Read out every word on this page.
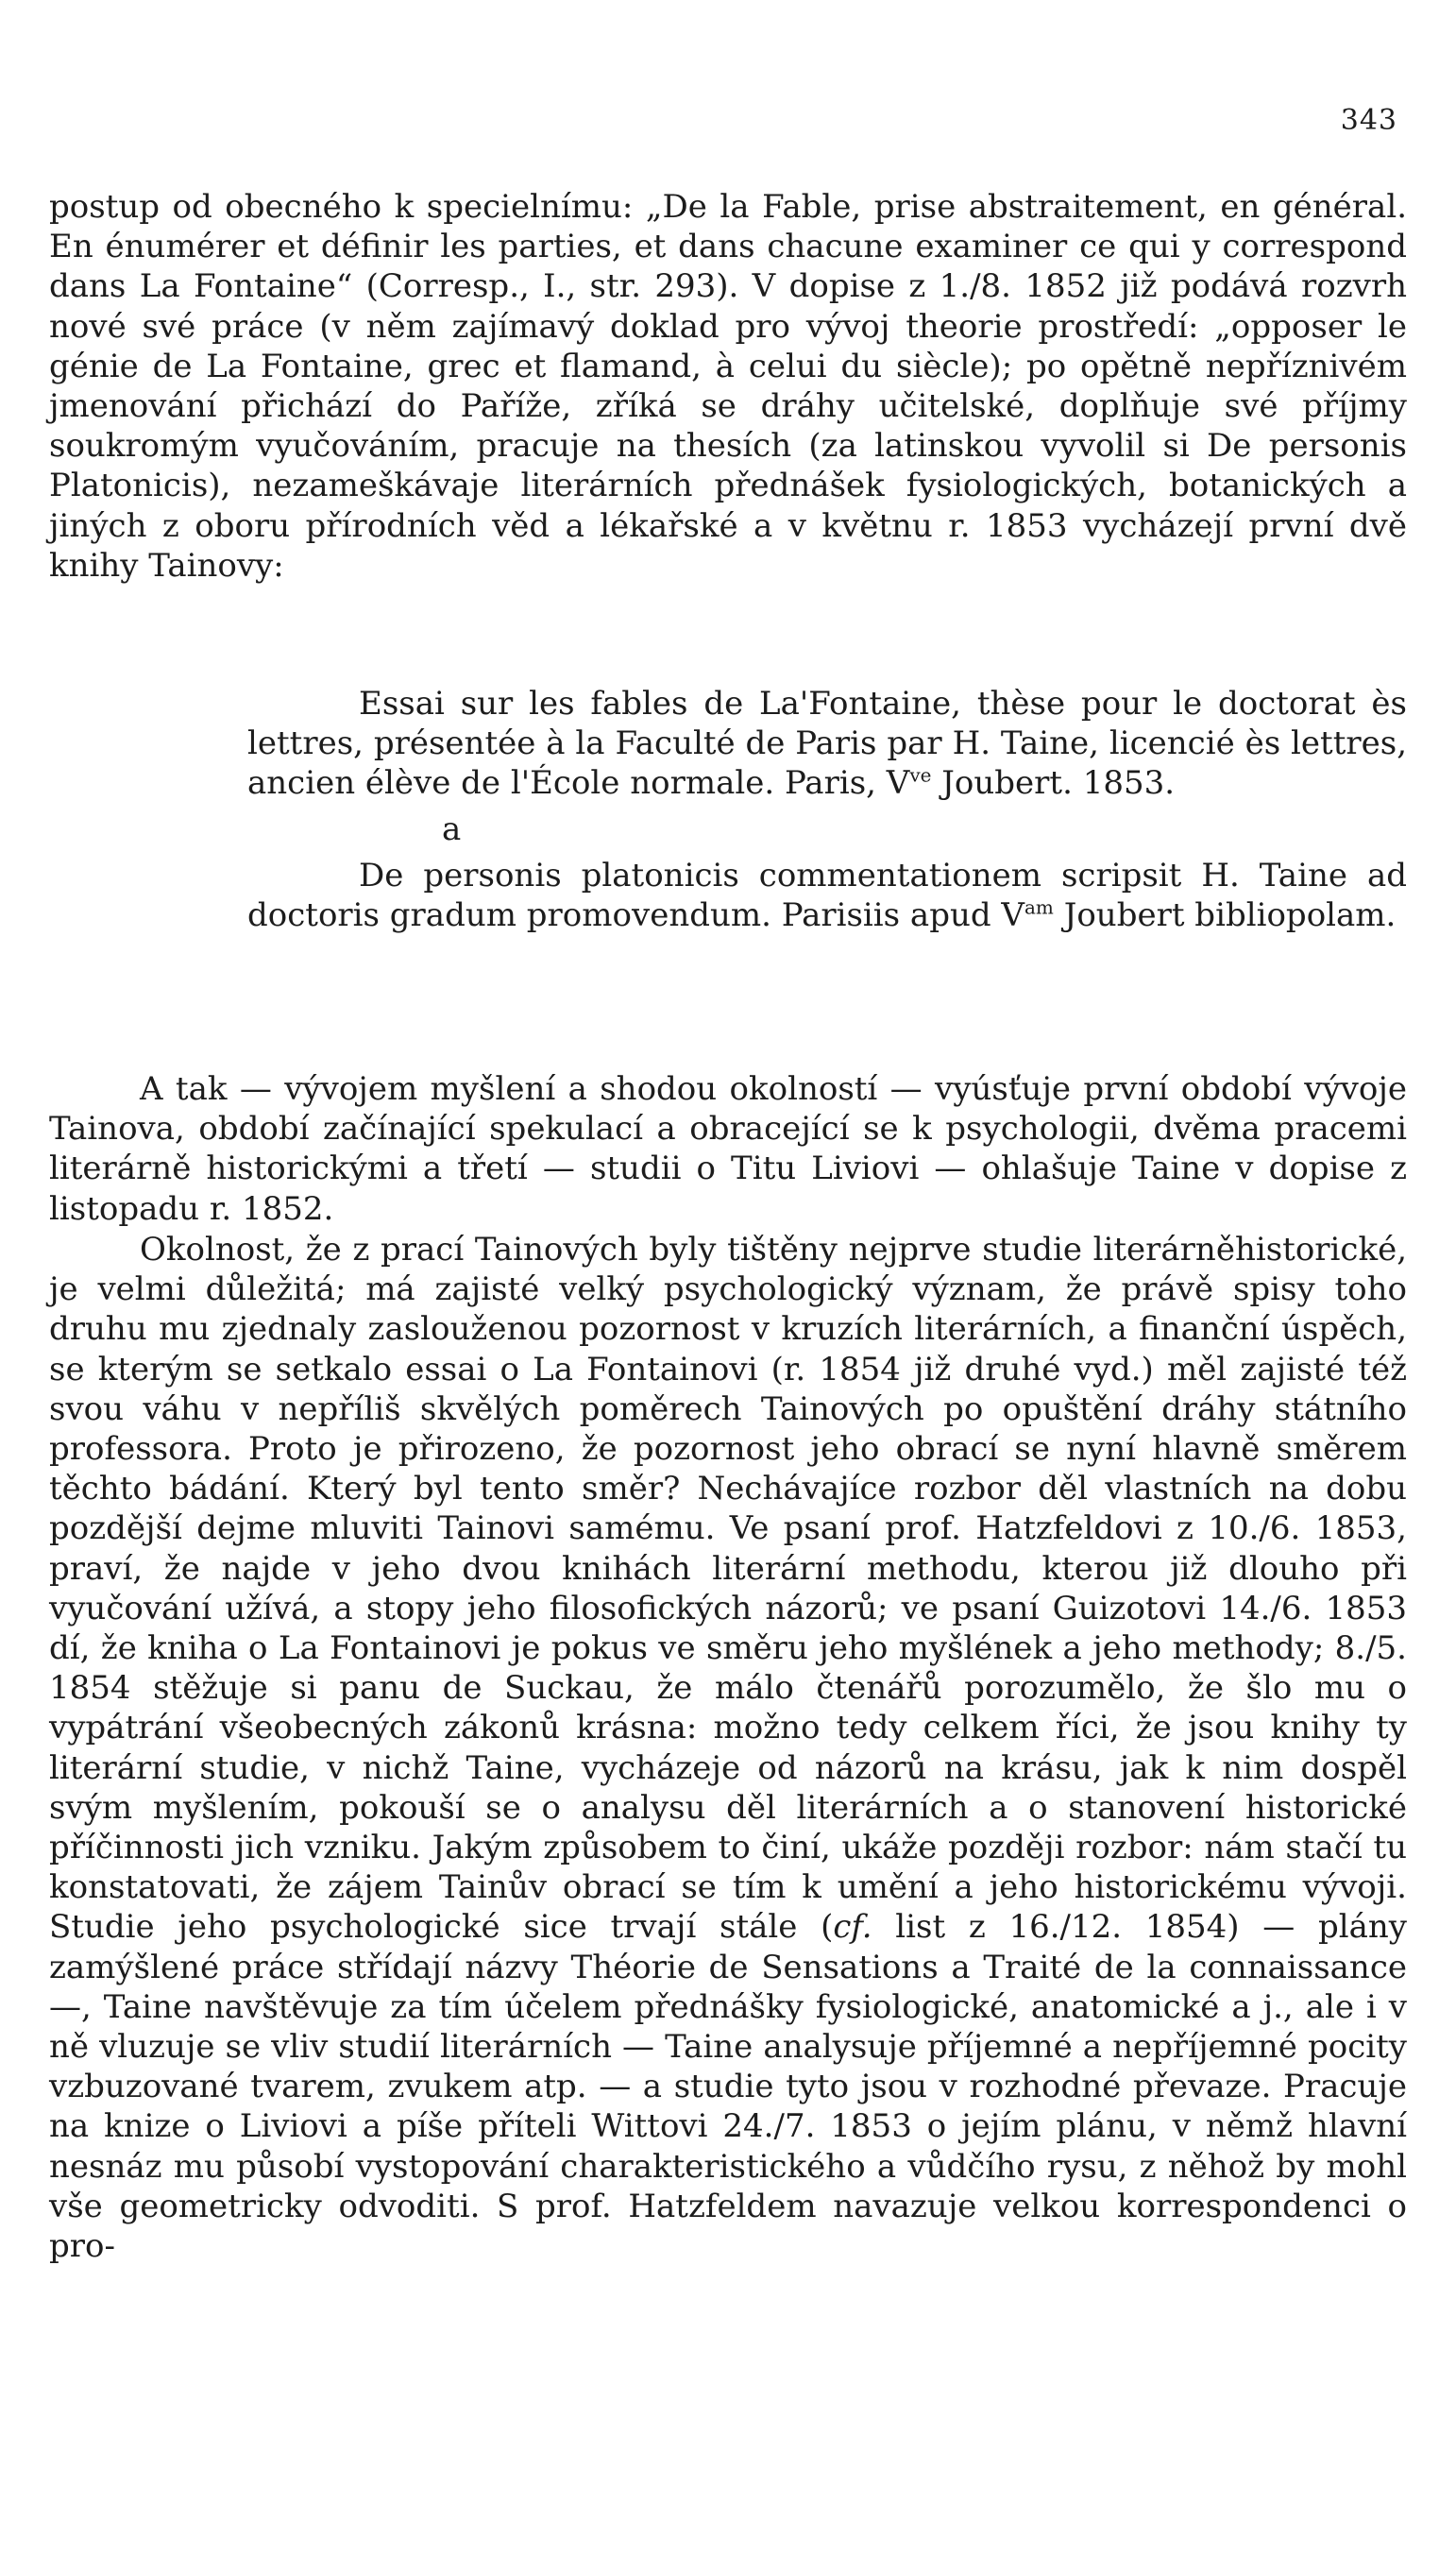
343

postup od obecného k specielnímu: „De la Fable, prise abstraitement, en général. En énumérer et définir les parties, et dans chacune examiner ce qui y correspond dans La Fontaine“ (Corresp., I., str. 293). V dopise z 1./8. 1852 již podává rozvrh nové své práce (v něm zajímavý doklad pro vývoj theorie prostředí: „opposer le génie de La Fontaine, grec et flamand, à celui du siècle); po opětně nepříznivém jmenování přichází do Paříže, zříká se dráhy učitelské, doplňuje své příjmy soukromým vyučováním, pracuje na thesích (za latinskou vyvolil si De personis Platonicis), nezameškávaje literárních přednášek fysiologických, botanických a jiných z oboru přírodních věd a lékařské a v květnu r. 1853 vycházejí první dvě knihy Tainovy:

Essai sur les fables de La'Fontaine, thèse pour le doctorat ès lettres, présentée à la Faculté de Paris par H. Taine, licencié ès lettres, ancien élève de l'École normale. Paris, $V^{ve}$ Joubert. 1853.

a

De personis platonicis commentationem scripsit H. Taine ad doctoris gradum promovendum. Parisiis apud $V^{am}$ Joubert bibliopolam.

A tak — vývojem myšlení a shodou okolností — vyúsťuje první období vývoje Tainova, období začínající spekulací a obracející se k psychologii, dvěma pracemi literárně historickými a třetí — studii o Titu Liviovi — ohlašuje Taine v dopise z listopadu r. 1852.

Okolnost, že z prací Tainových byly tištěny nejprve studie literárněhistorické, je velmi důležitá; má zajisté velký psychologický význam, že právě spisy toho druhu mu zjednaly zaslouženou pozornost v kruzích literárních, a finanční úspěch, se kterým se setkalo essai o La Fontainovi (r. 1854 již druhé vyd.) měl zajisté též svou váhu v nepříliš skvělých poměrech Tainových po opuštění dráhy státního professora. Proto je přirozeno, že pozornost jeho obrací se nyní hlavně směrem těchto bádání. Který byl tento směr? Nechávajíce rozbor děl vlastních na dobu pozdější dejme mluviti Tainovi samému. Ve psaní prof. Hatzfeldovi z 10./6. 1853, praví, že najde v jeho dvou knihách literární methodu, kterou již dlouho při vyučování užívá, a stopy jeho filosofických názorů; ve psaní Guizotovi 14./6. 1853 dí, že kniha o La Fontainovi je pokus ve směru jeho myšlének a jeho methody; 8./5. 1854 stěžuje si panu de Suckau, že málo čtenářů porozumělo, že šlo mu o vypátrání všeobecných zákonů krásna: možno tedy celkem říci, že jsou knihy ty literární studie, v nichž Taine, vycházeje od názorů na krásu, jak k nim dospěl svým myšlením, pokouší se o analysu děl literárních a o stanovení historické příčinnosti jich vzniku. Jakým způsobem to činí, ukáže později rozbor: nám stačí tu konstatovati, že zájem Tainův obrací se tím k umění a jeho historickému vývoji. Studie jeho psychologické sice trvají stále (cf. list z 16./12. 1854) — plány zamýšlené práce střídají názvy Théorie de Sensations a Traité de la connaissance —, Taine navštěvuje za tím účelem přednášky fysiologické, anatomické a j., ale i v ně vluzuje se vliv studií literárních — Taine analysuje příjemné a nepříjemné pocity vzbuzované tvarem, zvukem atp. — a studie tyto jsou v rozhodné převaze. Pracuje na knize o Liviovi a píše příteli Wittovi 24./7. 1853 o jejím plánu, v němž hlavní nesnáz mu působí vystopování charakteristického a vůdčího rysu, z něhož by mohl vše geometricky odvoditi. S prof. Hatzfeldem navazuje velkou korrespondenci o pro-
